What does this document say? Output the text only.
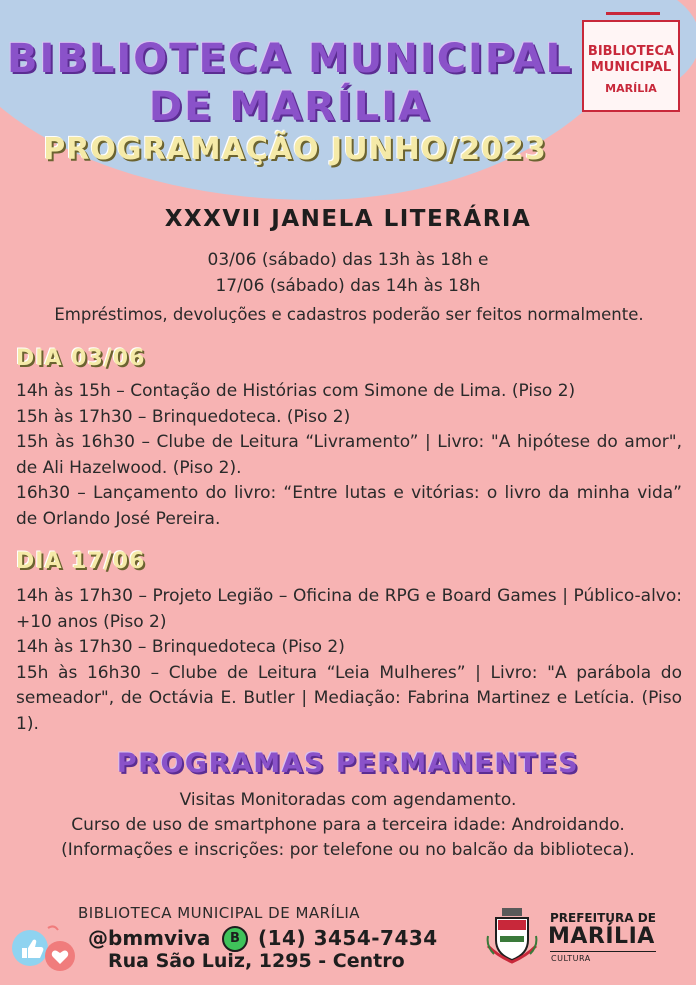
BIBLIOTECA MUNICIPAL
DE MARÍLIA
PROGRAMAÇÃO JUNHO/2023
BIBLIOTECA
MUNICIPAL
MARÍLIA
XXXVII JANELA LITERÁRIA
03/06 (sábado) das 13h às 18h e
17/06 (sábado) das 14h às 18h
Empréstimos, devoluções e cadastros poderão ser feitos normalmente.
DIA 03/06
14h às 15h – Contação de Histórias com Simone de Lima. (Piso 2)
15h às 17h30 – Brinquedoteca. (Piso 2)
15h às 16h30 – Clube de Leitura “Livramento” | Livro: "A hipótese do amor", de Ali Hazelwood. (Piso 2).
16h30 – Lançamento do livro: “Entre lutas e vitórias: o livro da minha vida” de Orlando José Pereira.
DIA 17/06
14h às 17h30 – Projeto Legião – Oficina de RPG e Board Games | Público-alvo: +10 anos (Piso 2)
14h às 17h30 – Brinquedoteca (Piso 2)
15h às 16h30 – Clube de Leitura “Leia Mulheres” | Livro: "A parábola do semeador", de Octávia E. Butler | Mediação: Fabrina Martinez e Letícia. (Piso 1).
PROGRAMAS PERMANENTES
Visitas Monitoradas com agendamento.
Curso de uso de smartphone para a terceira idade: Androidando.
(Informações e inscrições: por telefone ou no balcão da biblioteca).
BIBLIOTECA MUNICIPAL DE MARÍLIA
@bmmviva	B (14) 3454-7434
Rua São Luiz, 1295 - Centro
PREFEITURA DE
MARÍLIA
CULTURA
